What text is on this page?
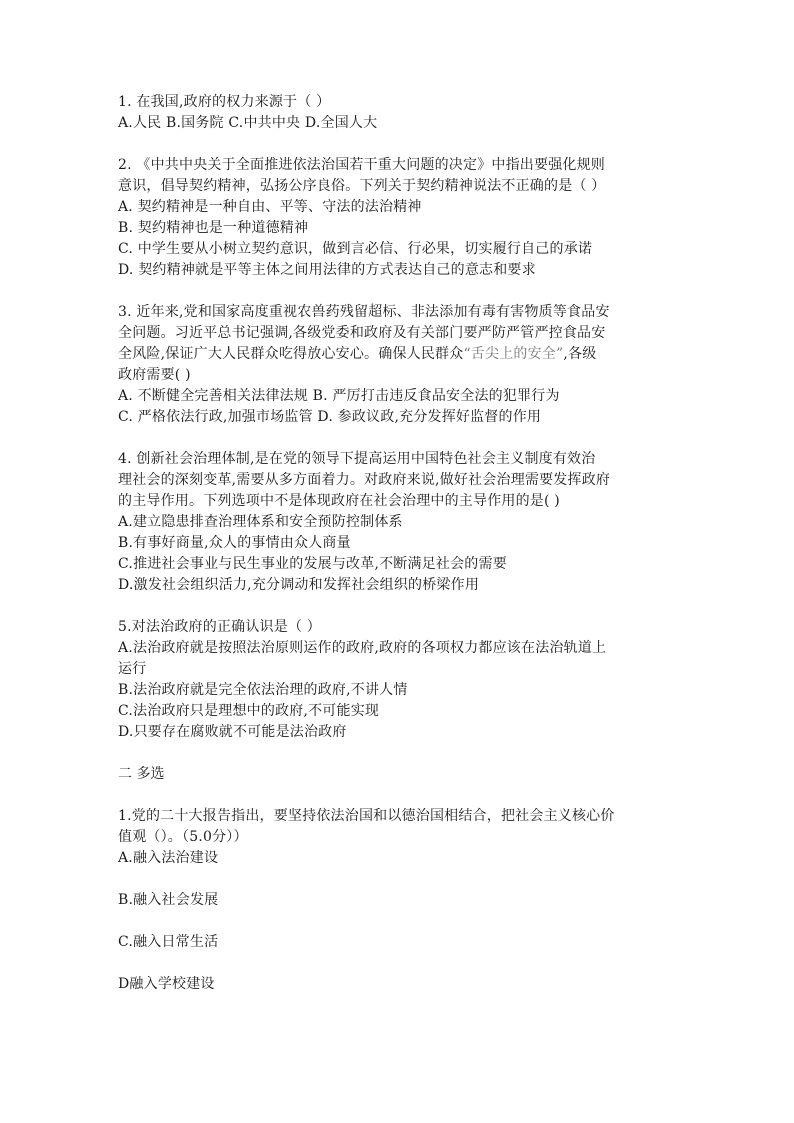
1. 在我国,政府的权力来源于（ ）
A.人民 B.国务院 C.中共中央 D.全国人大
2. 《中共中央关于全面推进依法治国若干重大问题的决定》中指出要强化规则
意识，倡导契约精神，弘扬公序良俗。下列关于契约精神说法不正确的是（ ）
A. 契约精神是一种自由、平等、守法的法治精神
B. 契约精神也是一种道德精神
C. 中学生要从小树立契约意识，做到言必信、行必果，切实履行自己的承诺
D. 契约精神就是平等主体之间用法律的方式表达自己的意志和要求
3. 近年来,党和国家高度重视农兽药残留超标、非法添加有毒有害物质等食品安
全问题。习近平总书记强调,各级党委和政府及有关部门要严防严管严控食品安
全风险,保证广大人民群众吃得放心安心。确保人民群众“舌尖上的安全”,各级
政府需要( )
A. 不断健全完善相关法律法规 B. 严厉打击违反食品安全法的犯罪行为
C. 严格依法行政,加强市场监管 D. 参政议政,充分发挥好监督的作用
4. 创新社会治理体制,是在党的领导下提高运用中国特色社会主义制度有效治
理社会的深刻变革,需要从多方面着力。对政府来说,做好社会治理需要发挥政府
的主导作用。下列选项中不是体现政府在社会治理中的主导作用的是( )
A.建立隐患排查治理体系和安全预防控制体系
B.有事好商量,众人的事情由众人商量
C.推进社会事业与民生事业的发展与改革,不断满足社会的需要
D.激发社会组织活力,充分调动和发挥社会组织的桥梁作用
5.对法治政府的正确认识是（ ）
A.法治政府就是按照法治原则运作的政府,政府的各项权力都应该在法治轨道上
运行
B.法治政府就是完全依法治理的政府,不讲人情
C.法治政府只是理想中的政府,不可能实现
D.只要存在腐败就不可能是法治政府
二 多选
1.党的二十大报告指出，要坚持依法治国和以德治国相结合，把社会主义核心价
值观（）。（5.0分））
A.融入法治建设
B.融入社会发展
C.融入日常生活
D融入学校建设
